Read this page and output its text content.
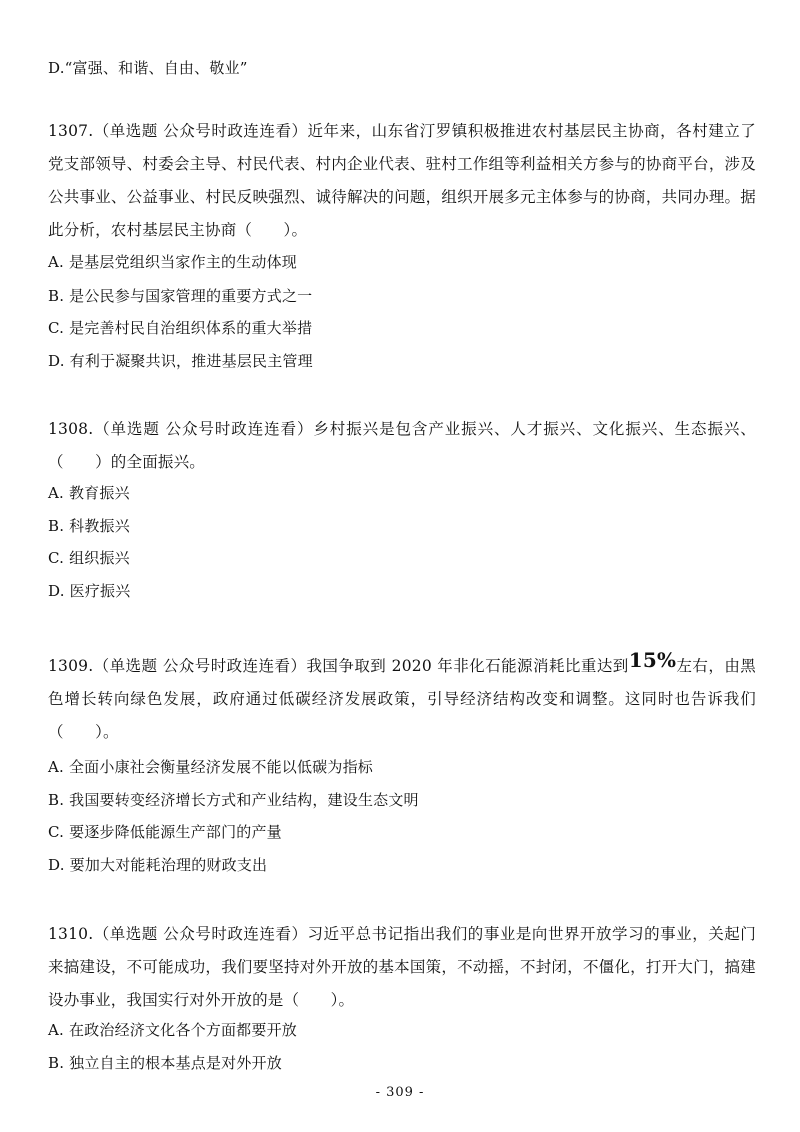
D.“富强、和谐、自由、敬业”
1307.（单选题 公众号时政连连看）近年来，山东省汀罗镇积极推进农村基层民主协商，各村建立了党支部领导、村委会主导、村民代表、村内企业代表、驻村工作组等利益相关方参与的协商平台，涉及公共事业、公益事业、村民反映强烈、诚待解决的问题，组织开展多元主体参与的协商，共同办理。据此分析，农村基层民主协商（　　）。
A. 是基层党组织当家作主的生动体现
B. 是公民参与国家管理的重要方式之一
C. 是完善村民自治组织体系的重大举措
D. 有利于凝聚共识，推进基层民主管理
1308.（单选题 公众号时政连连看）乡村振兴是包含产业振兴、人才振兴、文化振兴、生态振兴、（　　）的全面振兴。
A. 教育振兴
B. 科教振兴
C. 组织振兴
D. 医疗振兴
1309.（单选题 公众号时政连连看）我国争取到 2020 年非化石能源消耗比重达到15%左右，由黑色增长转向绿色发展，政府通过低碳经济发展政策，引导经济结构改变和调整。这同时也告诉我们（　　）。
A. 全面小康社会衡量经济发展不能以低碳为指标
B. 我国要转变经济增长方式和产业结构，建设生态文明
C. 要逐步降低能源生产部门的产量
D. 要加大对能耗治理的财政支出
1310.（单选题 公众号时政连连看）习近平总书记指出我们的事业是向世界开放学习的事业，关起门来搞建设，不可能成功，我们要坚持对外开放的基本国策，不动摇，不封闭，不僵化，打开大门，搞建设办事业，我国实行对外开放的是（　　）。
A. 在政治经济文化各个方面都要开放
B. 独立自主的根本基点是对外开放
- 309 -
